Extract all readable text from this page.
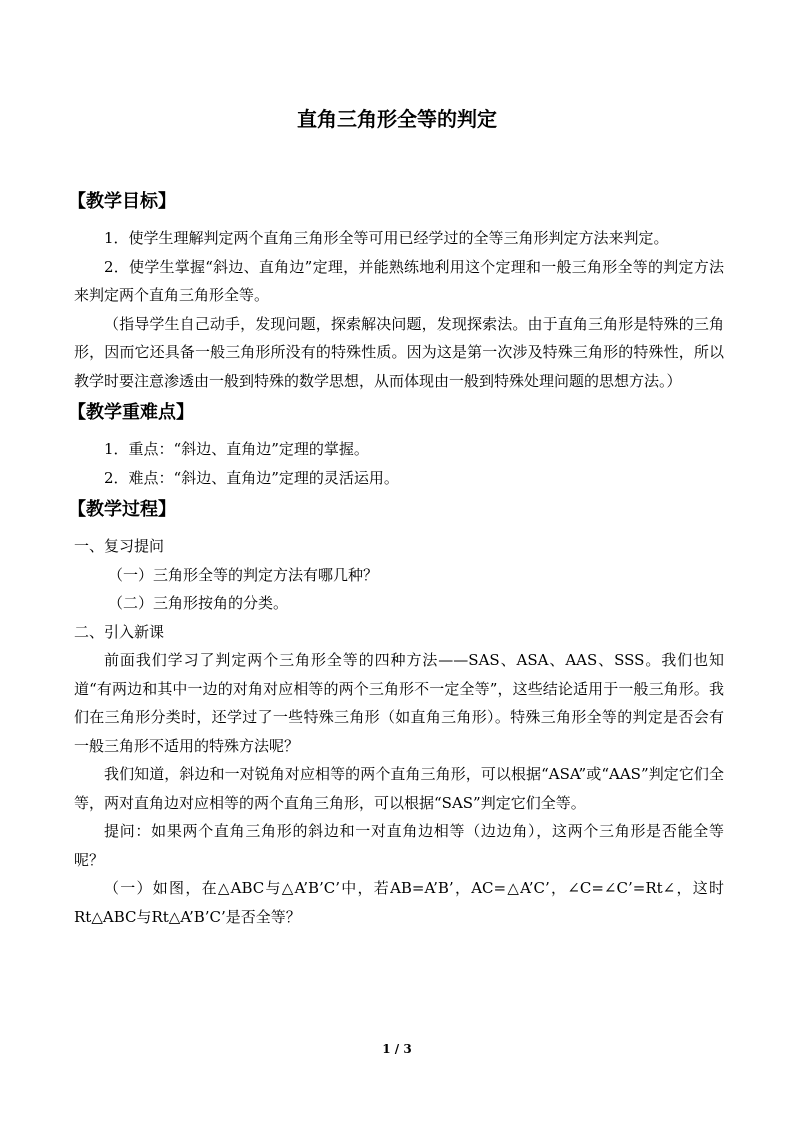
直角三角形全等的判定
【教学目标】

1．使学生理解判定两个直角三角形全等可用已经学过的全等三角形判定方法来判定。

2．使学生掌握“斜边、直角边”定理，并能熟练地利用这个定理和一般三角形全等的判定方法来判定两个直角三角形全等。

（指导学生自己动手，发现问题，探索解决问题，发现探索法。由于直角三角形是特殊的三角形，因而它还具备一般三角形所没有的特殊性质。因为这是第一次涉及特殊三角形的特殊性，所以教学时要注意渗透由一般到特殊的数学思想，从而体现由一般到特殊处理问题的思想方法。）

【教学重难点】

1．重点：“斜边、直角边”定理的掌握。

2．难点：“斜边、直角边”定理的灵活运用。

【教学过程】

一、复习提问

（一）三角形全等的判定方法有哪几种？

（二）三角形按角的分类。

二、引入新课

前面我们学习了判定两个三角形全等的四种方法——SAS、ASA、AAS、SSS。我们也知道“有两边和其中一边的对角对应相等的两个三角形不一定全等”，这些结论适用于一般三角形。我们在三角形分类时，还学过了一些特殊三角形（如直角三角形）。特殊三角形全等的判定是否会有一般三角形不适用的特殊方法呢？

我们知道，斜边和一对锐角对应相等的两个直角三角形，可以根据“ASA”或“AAS”判定它们全等，两对直角边对应相等的两个直角三角形，可以根据“SAS”判定它们全等。

提问：如果两个直角三角形的斜边和一对直角边相等（边边角），这两个三角形是否能全等呢？

（一）如图，在△ABC与△A’B’C’中，若AB=A’B’，AC=△A’C’，∠C=∠C’=Rt∠，这时Rt△ABC与Rt△A’B’C’是否全等？

1 / 3
